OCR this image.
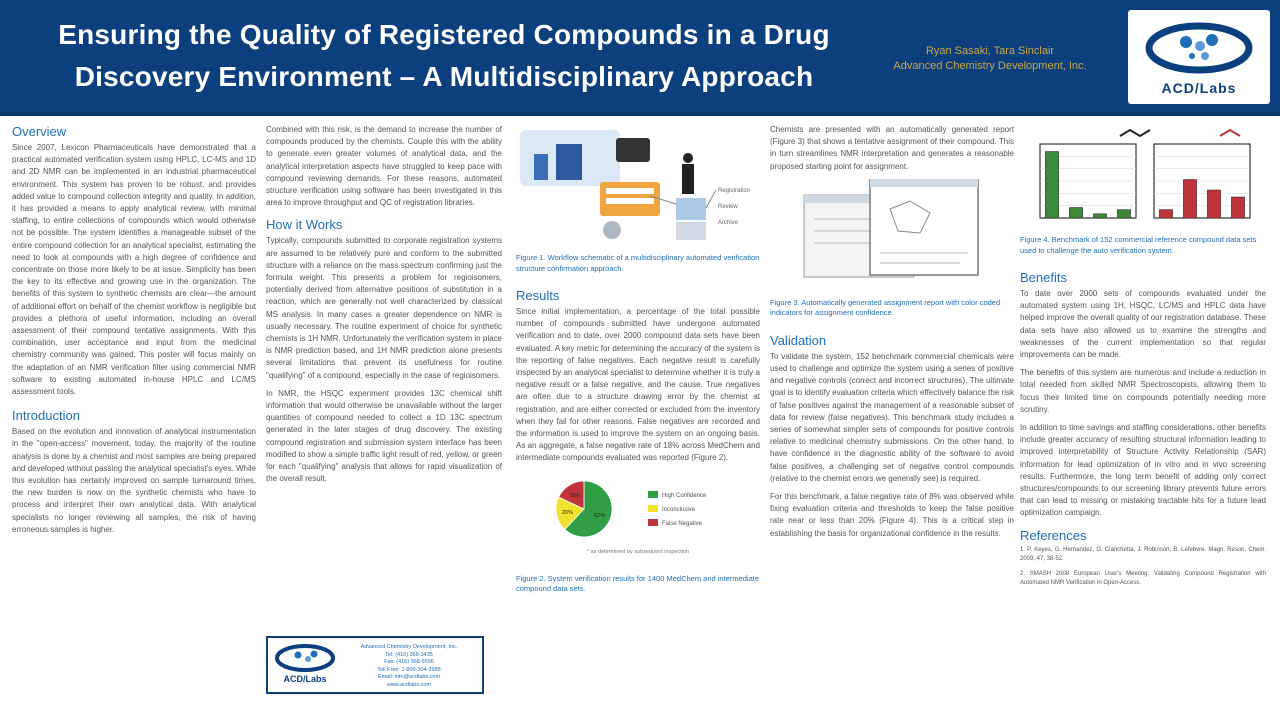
Ensuring the Quality of Registered Compounds in a Drug
Discovery Environment – A Multidisciplinary Approach
Ryan Sasaki, Tara Sinclair
Advanced Chemistry Development, Inc.
ACD/Labs
Overview
Since 2007, Lexicon Pharmaceuticals have demonstrated that a practical automated verification system using HPLC, LC-MS and 1D and 2D NMR can be implemented in an industrial pharmaceutical environment. This system has proven to be robust, and provides added value to compound collection integrity and quality. In addition, it has provided a means to apply analytical review, with minimal staffing, to entire collections of compounds which would otherwise not be possible. The system identifies a manageable subset of the entire compound collection for an analytical specialist, estimating the need to look at compounds with a high degree of confidence and concentrate on those more likely to be at issue. Simplicity has been the key to its effective and growing use in the organization. The benefits of this system to synthetic chemists are clear—the amount of additional effort on behalf of the chemist workflow is negligible but provides a plethora of useful information, including an overall assessment of their compound tentative assignments. With this combination, user acceptance and input from the medicinal chemistry community was gained. This poster will focus mainly on the adaptation of an NMR verification filter using commercial NMR software to existing automated in-house HPLC and LC/MS assessment tools.
Introduction
Based on the evolution and innovation of analytical instrumentation in the "open-access" movement, today, the majority of the routine analysis is done by a chemist and most samples are being prepared and developed without passing the analytical specialist's eyes. While this evolution has certainly improved on sample turnaround times, the new burden is now on the synthetic chemists who have to process and interpret their own analytical data. With analytical specialists no longer reviewing all samples, the risk of having erroneous samples is higher.
Combined with this risk, is the demand to increase the number of compounds produced by the chemists. Couple this with the ability to generate even greater volumes of analytical data, and the analytical interpretation aspects have struggled to keep pace with compound reviewing demands. For these reasons, automated structure verification using software has been investigated in this area to improve throughput and QC of registration libraries.
How it Works
Typically, compounds submitted to corporate registration systems are assumed to be relatively pure and conform to the submitted structure with a reliance on the mass spectrum confirming just the formula weight. This presents a problem for regioisomers, potentially derived from alternative positions of substitution in a reaction, which are generally not well characterized by classical MS analysis. In many cases a greater dependence on NMR is usually necessary. The routine experiment of choice for synthetic chemists is 1H NMR. Unfortunately the verification system in place is NMR prediction based, and 1H NMR prediction alone presents several limitations that prevent its usefulness for routine "qualifying" of a compound, especially in the case of regioisomers.
In NMR, the HSQC experiment provides 13C chemical shift information that would otherwise be unavailable without the larger quantities of compound needed to collect a 1D 13C spectrum generated in the later stages of drug discovery. The existing compound registration and submission system interface has been modified to show a simple traffic light result of red, yellow, or green for each "qualifying" analysis that allows for rapid visualization of the overall result.
ACD/Labs
Advanced Chemistry Development, Inc.
Tel: (416) 368-3435
Fax: (416) 368-5596
Toll Free: 1-800-304-3988
Email: info@acdlabs.com
www.acdlabs.com
Registration
Review
Archive
Figure 1. Workflow schematic of a multidisciplinary automated verification structure confirmation approach.
Results
Since initial implementation, a percentage of the total possible number of compounds submitted have undergone automated verification and to date, over 2000 compound data sets have been evaluated. A key metric for determining the accuracy of the system is the reporting of false negatives. Each negative result is carefully inspected by an analytical specialist to determine whether it is truly a negative result or a false negative, and the cause. True negatives are often due to a structure drawing error by the chemist at registration, and are either corrected or excluded from the inventory when they fail for other reasons. False negatives are recorded and the information is used to improve the system on an ongoing basis. As an aggregate, a false negative rate of 18% across MedChem and intermediate compounds evaluated was reported (Figure 2).
62%
20%
18%	High Confidence
Inconclusive
False Negative
* as determined by subsequent inspection
Figure 2. System verification results for 1400 MedChem and intermediate compound data sets.
Chemists are presented with an automatically generated report (Figure 3) that shows a tentative assignment of their compound. This in turn streamlines NMR interpretation and generates a reasonable proposed starting point for assignment.
Figure 3. Automatically generated assignment report with color coded indicators for assignment confidence.
Validation
To validate the system, 152 benchmark commercial chemicals were used to challenge and optimize the system using a series of positive and negative controls (correct and incorrect structures). The ultimate goal is to identify evaluation criteria which effectively balance the risk of false positives against the management of a reasonable subset of data for review (false negatives). This benchmark study includes a series of somewhat simpler sets of compounds for positive controls relative to medicinal chemistry submissions. On the other hand, to have confidence in the diagnostic ability of the software to avoid false positives, a challenging set of negative control compounds (relative to the chemist errors we generally see) is required.
For this benchmark, a false negative rate of 8% was observed while fixing evaluation criteria and thresholds to keep the false positive rate near or less than 20% (Figure 4). This is a critical step in establishing the basis for organizational confidence in the results.
Figure 4. Benchmark of 152 commercial reference compound data sets used to challenge the auto verification system.
Benefits
To date over 2000 sets of compounds evaluated under the automated system using 1H, HSQC, LC/MS and HPLC data have helped improve the overall quality of our registration database. These data sets have also allowed us to examine the strengths and weaknesses of the current implementation so that regular improvements can be made.
The benefits of this system are numerous and include a reduction in total needed from skilled NMR Spectroscopists, allowing them to focus their limited time on compounds potentially needing more scrutiny.
In addition to time savings and staffing considerations, other benefits include greater accuracy of resulting structural information leading to improved interpretability of Structure Activity Relationship (SAR) information for lead optimization of in vitro and in vivo screening results. Furthermore, the long term benefit of adding only correct structures/compounds to our screening library prevents future errors that can lead to missing or mistaking tractable hits for a future lead optimization campaign.
References
1. P. Keyes, G. Hernandez, G. Cianchetta, J. Robinson, B. Lefebvre. Magn. Reson. Chem. 2009, 47, 38-52.
2. SMASH 2008 European User's Meeting: Validating Compound Registration with Automated NMR Verification in Open-Access.
